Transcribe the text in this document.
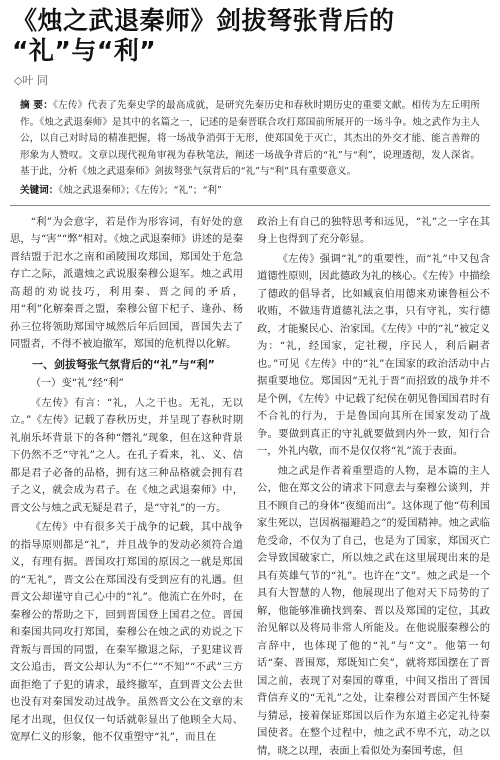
《烛之武退秦师》剑拔弩张背后的
“礼”与“利”
◇叶 同
摘 要：《左传》代表了先秦史学的最高成就，是研究先秦历史和春秋时期历史的重要文献。相传为左丘明所作。《烛之武退秦师》是其中的名篇之一，记述的是秦晋联合攻打郑国前所展开的一场斗争。烛之武作为主人公，以自己对时局的精准把握，将一场战争消弭于无形，使郑国免于灭亡，其杰出的外交才能、能言善辩的形象为人赞叹。文章以现代视角审视为春秋笔法，阐述一场战争背后的“礼”与“利”，说理透彻，发人深省。基于此，分析《烛之武退秦师》剑拔弩张气氛背后的“礼”与“利”具有重要意义。
关键词：《烛之武退秦师》；《左传》；“礼”；“利”

“利”为会意字，若是作为形容词，有好处的意思，与“害”“弊”相对。《烛之武退秦师》讲述的是秦晋结盟于汜水之南和函陵围攻郑国，郑国处于危急存亡之际，派遣烛之武说服秦穆公退军。烛之武用高超的劝说技巧，利用秦、晋之间的矛盾，用“利”化解秦晋之盟，秦穆公留下杞子、逢孙、杨孙三位将领助郑国守城然后年后回国，晋国失去了同盟者，不得不被迫撤军，郑国的危机得以化解。

一、剑拔弩张气氛背后的“礼”与“利”

（一）变“礼”经“利”

《左传》有言：“礼，人之干也。无礼，无以立。”《左传》记载了春秋历史，并呈现了春秋时期礼崩乐坏背景下的各种“僭礼”现象，但在这种背景下仍然不乏“守礼”之人。在孔子看来，礼、义、信都是君子必备的品格，拥有这三种品格就会拥有君子之义，就会成为君子。在《烛之武退秦师》中，晋文公与烛之武无疑是君子，是“守礼”的一方。

《左传》中有很多关于战争的记载，其中战争的指导原则都是“礼”，并且战争的发动必须符合道义，有理有据。晋国攻打郑国的原因之一就是郑国的“无礼”，晋文公在郑国没有受到应有的礼遇。但晋文公却谨守自己心中的“礼”。他流亡在外时，在秦穆公的帮助之下，回到晋国登上国君之位。晋国和秦国共同攻打郑国，秦穆公在烛之武的劝说之下背叛与晋国的同盟，在秦军撤退之际，子犯建议晋文公追击，晋文公却认为“不仁”“不知”“不武”三方面拒绝了子犯的请求，最终撤军，直到晋文公去世也没有对秦国发动过战争。虽然晋文公在文章的末尾才出现，但仅仅一句话就彰显出了他顾全大局、宽厚仁义的形象，他不仅重塑守“礼”，而且在

政治上有自己的独特思考和远见，“礼”之一字在其身上也得到了充分彰显。

《左传》强调“礼”的重要性，而“礼”中又包含道德性原则，因此德政为礼的核心。《左传》中描绘了德政的倡导者，比如臧哀伯用德来劝谏鲁桓公不收贿，不做违背道德礼法之事，只有守礼，实行德政，才能聚民心、治家国。《左传》中的“礼”被定义为：“礼，经国家，定社稷，序民人，利后嗣者也。”可见《左传》中的“礼”在国家的政治活动中占据重要地位。郑国因“无礼于晋”而招致的战争并不是个例，《左传》中记载了纪侯在朝见鲁国国君时有不合礼的行为，于是鲁国向其所在国家发动了战争。要做到真正的守礼就要做到内外一致，知行合一，外礼内敬，而不是仅仅将“礼”流于表面。

烛之武是作者着重塑造的人物，是本篇的主人公，他在郑文公的请求下同意去与秦穆公谈判，并且不顾自己的身体“夜缒而出”。这体现了他“苟利国家生死以，岂因祸福避趋之”的爱国精神。烛之武临危受命，不仅为了自己，也是为了国家，郑国灭亡会导致国破家亡，所以烛之武在这里展现出来的是具有英雄气节的“礼”。也许在“文”。烛之武是一个具有大智慧的人物，他展现出了他对天下局势的了解，他能够准确找到秦、晋以及郑国的定位，其政治见解以及将局非常人所能及。在他说服秦穆公的言辞中，也体现了他的“礼”与“文”。他第一句话“秦、晋围郑，郑既知亡矣”，就将郑国摆在了晋国之前，表现了对秦国的尊重，中间又指出了晋国背信弃义的“无礼”之处，让秦穆公对晋国产生怀疑与猜忌，接着保证郑国以后作为东道主必定礼待秦国使者。在整个过程中，烛之武不卑不亢，动之以情，晓之以理，表面上看似处为秦国考虑，但
